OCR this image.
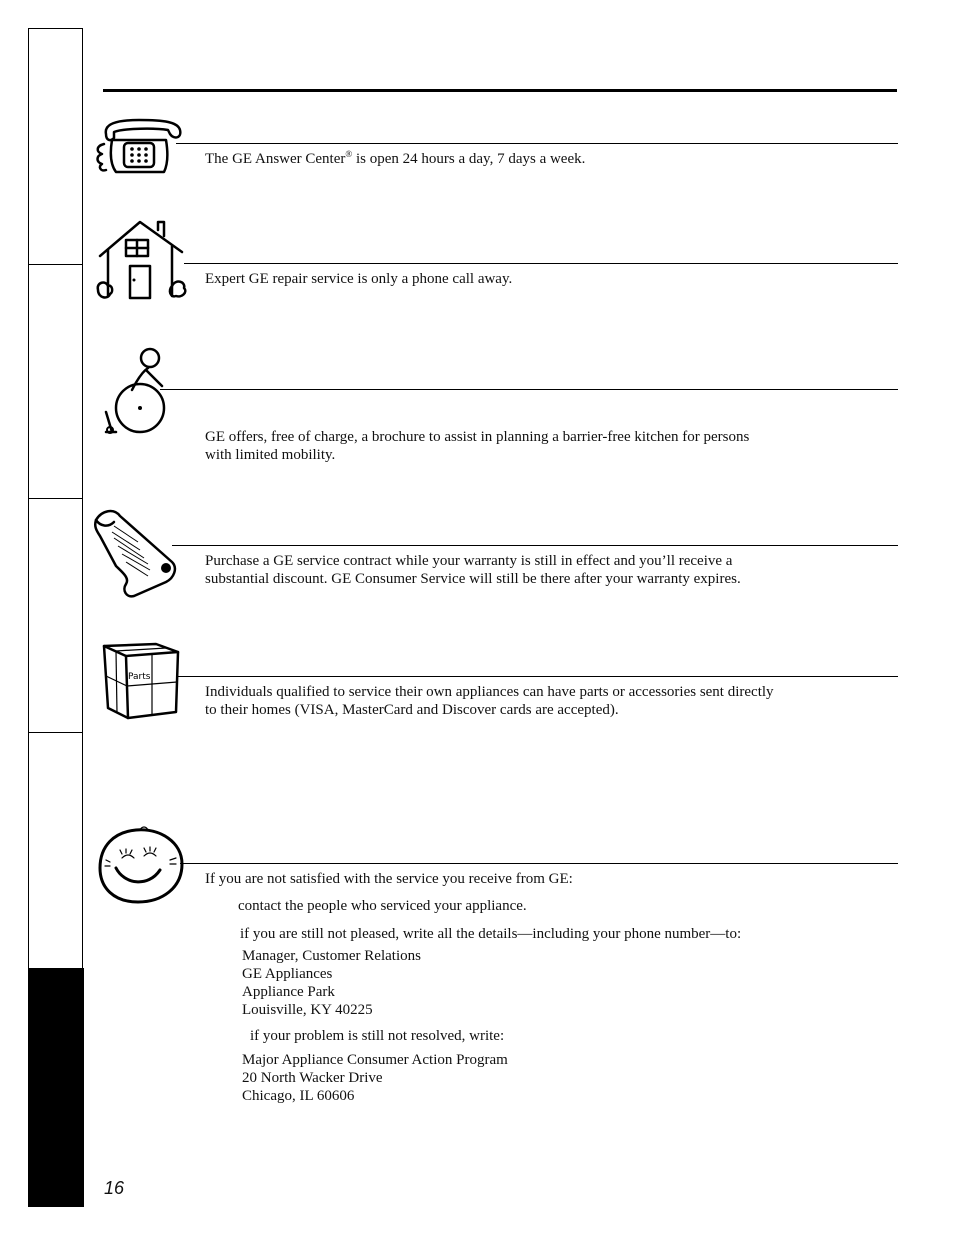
The GE Answer Center® is open 24 hours a day, 7 days a week.
Expert GE repair service is only a phone call away.
GE offers, free of charge, a brochure to assist in planning a barrier-free kitchen for persons
with limited mobility.
Purchase a GE service contract while your warranty is still in effect and you’ll receive a
substantial discount. GE Consumer Service will still be there after your warranty expires.
Parts
Individuals qualified to service their own appliances can have parts or accessories sent directly
to their homes (VISA, MasterCard and Discover cards are accepted).
If you are not satisfied with the service you receive from GE:
contact the people who serviced your appliance.
if you are still not pleased, write all the details—including your phone number—to:
Manager, Customer Relations
GE Appliances
Appliance Park
Louisville, KY 40225
if your problem is still not resolved, write:
Major Appliance Consumer Action Program
20 North Wacker Drive
Chicago, IL 60606
16
